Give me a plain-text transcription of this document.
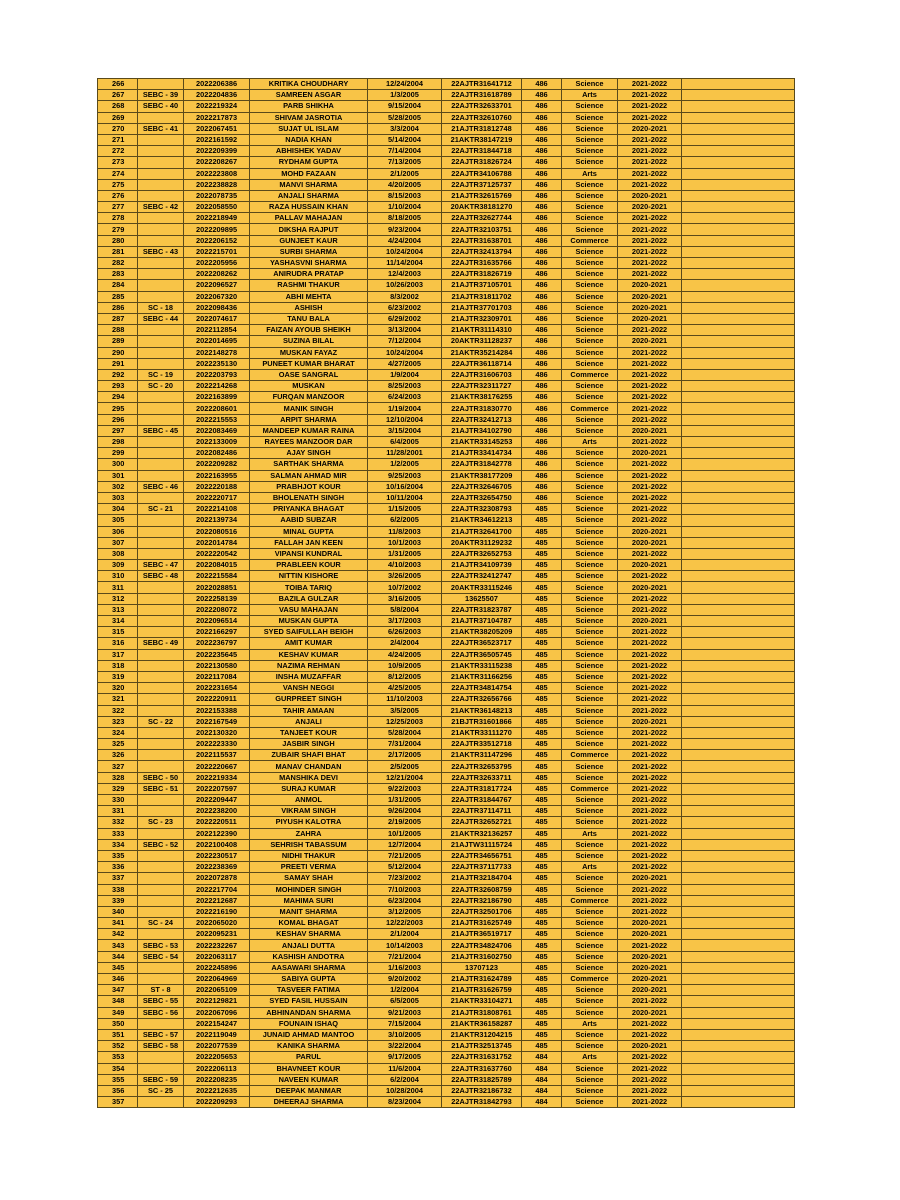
266		2022206386	KRITIKA CHOUDHARY	12/24/2004	22AJTR31641712	486	Science	2021-2022	
267	SEBC - 39	2022204836	SAMREEN ASGAR	1/3/2005	22AJTR31618789	486	Arts	2021-2022	
268	SEBC - 40	2022219324	PARB SHIKHA	9/15/2004	22AJTR32633701	486	Science	2021-2022	
269		2022217873	SHIVAM JASROTIA	5/28/2005	22AJTR32610760	486	Science	2021-2022	
270	SEBC - 41	2022067451	SUJAT UL ISLAM	3/3/2004	21AJTR31812748	486	Science	2020-2021	
271		2022161592	NADIA KHAN	5/14/2004	21AKTR38147219	486	Science	2021-2022	
272		2022209399	ABHISHEK YADAV	7/14/2004	22AJTR31844718	486	Science	2021-2022	
273		2022208267	RYDHAM GUPTA	7/13/2005	22AJTR31826724	486	Science	2021-2022	
274		2022223808	MOHD FAZAAN	2/1/2005	22AJTR34106788	486	Arts	2021-2022	
275		2022238828	MANVI SHARMA	4/20/2005	22AJTR37125737	486	Science	2021-2022	
276		2022078735	ANJALI SHARMA	8/15/2003	21AJTR32615769	486	Science	2020-2021	
277	SEBC - 42	2022058550	RAZA HUSSAIN KHAN	1/10/2004	20AKTR38181270	486	Science	2020-2021	
278		2022218949	PALLAV MAHAJAN	8/18/2005	22AJTR32627744	486	Science	2021-2022	
279		2022209895	DIKSHA RAJPUT	9/23/2004	22AJTR32103751	486	Science	2021-2022	
280		2022206152	GUNJEET KAUR	4/24/2004	22AJTR31638701	486	Commerce	2021-2022	
281	SEBC - 43	2022215701	SURBI SHARMA	10/24/2004	22AJTR32413794	486	Science	2021-2022	
282		2022205956	YASHASVNI SHARMA	11/14/2004	22AJTR31635766	486	Science	2021-2022	
283		2022208262	ANIRUDRA PRATAP	12/4/2003	22AJTR31826719	486	Science	2021-2022	
284		2022096527	RASHMI THAKUR	10/26/2003	21AJTR37105701	486	Science	2020-2021	
285		2022067320	ABHI MEHTA	8/3/2002	21AJTR31811702	486	Science	2020-2021	
286	SC - 18	2022098436	ASHISH	6/23/2002	21AJTR37701703	486	Science	2020-2021	
287	SEBC - 44	2022074617	TANU BALA	6/29/2002	21AJTR32309701	486	Science	2020-2021	
288		2022112854	FAIZAN AYOUB SHEIKH	3/13/2004	21AKTR31114310	486	Science	2021-2022	
289		2022014695	SUZINA BILAL	7/12/2004	20AKTR31128237	486	Science	2020-2021	
290		2022148278	MUSKAN FAYAZ	10/24/2004	21AKTR35214284	486	Science	2021-2022	
291		2022235130	PUNEET KUMAR BHARAT	4/27/2005	22AJTR36118714	486	Science	2021-2022	
292	SC - 19	2022203793	OASE SANGRAL	1/9/2004	22AJTR31606703	486	Commerce	2021-2022	
293	SC - 20	2022214268	MUSKAN	8/25/2003	22AJTR32311727	486	Science	2021-2022	
294		2022163899	FURQAN MANZOOR	6/24/2003	21AKTR38176255	486	Science	2021-2022	
295		2022208601	MANIK SINGH	1/19/2004	22AJTR31830770	486	Commerce	2021-2022	
296		2022215553	ARPIT SHARMA	12/10/2004	22AJTR32412713	486	Science	2021-2022	
297	SEBC - 45	2022083469	MANDEEP KUMAR RAINA	3/15/2004	21AJTR34102790	486	Science	2020-2021	
298		2022133009	RAYEES MANZOOR DAR	6/4/2005	21AKTR33145253	486	Arts	2021-2022	
299		2022082486	AJAY SINGH	11/28/2001	21AJTR33414734	486	Science	2020-2021	
300		2022209282	SARTHAK SHARMA	1/2/2005	22AJTR31842778	486	Science	2021-2022	
301		2022163955	SALMAN AHMAD MIR	9/25/2003	21AKTR38177209	486	Science	2021-2022	
302	SEBC - 46	2022220188	PRABHJOT KOUR	10/16/2004	22AJTR32646705	486	Science	2021-2022	
303		2022220717	BHOLENATH SINGH	10/11/2004	22AJTR32654750	486	Science	2021-2022	
304	SC - 21	2022214108	PRIYANKA BHAGAT	1/15/2005	22AJTR32308793	485	Science	2021-2022	
305		2022139734	AABID SUBZAR	6/2/2005	21AKTR34612213	485	Science	2021-2022	
306		2022080516	MINAL GUPTA	11/8/2003	21AJTR32641700	485	Science	2020-2021	
307		2022014784	FALLAH JAN KEEN	10/1/2003	20AKTR31129232	485	Science	2020-2021	
308		2022220542	VIPANSI KUNDRAL	1/31/2005	22AJTR32652753	485	Science	2021-2022	
309	SEBC - 47	2022084015	PRABLEEN KOUR	4/10/2003	21AJTR34109739	485	Science	2020-2021	
310	SEBC - 48	2022215584	NITTIN KISHORE	3/26/2005	22AJTR32412747	485	Science	2021-2022	
311		2022028851	TOIBA TARIQ	10/7/2002	20AKTR33115246	485	Science	2020-2021	
312		2022258139	BAZILA GULZAR	3/16/2005	13625507	485	Science	2021-2022	
313		2022208072	VASU MAHAJAN	5/8/2004	22AJTR31823787	485	Science	2021-2022	
314		2022096514	MUSKAN GUPTA	3/17/2003	21AJTR37104787	485	Science	2020-2021	
315		2022166297	SYED SAIFULLAH BEIGH	6/26/2003	21AKTR38205209	485	Science	2021-2022	
316	SEBC - 49	2022236797	AMIT KUMAR	2/4/2004	22AJTR36523717	485	Science	2021-2022	
317		2022235645	KESHAV KUMAR	4/24/2005	22AJTR36505745	485	Science	2021-2022	
318		2022130580	NAZIMA REHMAN	10/9/2005	21AKTR33115238	485	Science	2021-2022	
319		2022117084	INSHA MUZAFFAR	8/12/2005	21AKTR31166256	485	Science	2021-2022	
320		2022231654	VANSH NEGGI	4/25/2005	22AJTR34814754	485	Science	2021-2022	
321		2022220911	GURPREET SINGH	11/10/2003	22AJTR32656766	485	Science	2021-2022	
322		2022153388	TAHIR AMAAN	3/5/2005	21AKTR36148213	485	Science	2021-2022	
323	SC - 22	2022167549	ANJALI	12/25/2003	21BJTR31601866	485	Science	2020-2021	
324		2022130320	TANJEET KOUR	5/28/2004	21AKTR33111270	485	Science	2021-2022	
325		2022223330	JASBIR SINGH	7/31/2004	22AJTR33512718	485	Science	2021-2022	
326		2022115537	ZUBAIR SHAFI BHAT	2/17/2005	21AKTR31147296	485	Commerce	2021-2022	
327		2022220667	MANAV CHANDAN	2/5/2005	22AJTR32653795	485	Science	2021-2022	
328	SEBC - 50	2022219334	MANSHIKA DEVI	12/21/2004	22AJTR32633711	485	Science	2021-2022	
329	SEBC - 51	2022207597	SURAJ KUMAR	9/22/2003	22AJTR31817724	485	Commerce	2021-2022	
330		2022209447	ANMOL	1/31/2005	22AJTR31844767	485	Science	2021-2022	
331		2022238200	VIKRAM SINGH	9/26/2004	22AJTR37114711	485	Science	2021-2022	
332	SC - 23	2022220511	PIYUSH KALOTRA	2/19/2005	22AJTR32652721	485	Science	2021-2022	
333		2022122390	ZAHRA	10/1/2005	21AKTR32136257	485	Arts	2021-2022	
334	SEBC - 52	2022100408	SEHRISH TABASSUM	12/7/2004	21AJTW31115724	485	Science	2021-2022	
335		2022230517	NIDHI THAKUR	7/21/2005	22AJTR34656751	485	Science	2021-2022	
336		2022238369	PREETI VERMA	5/12/2004	22AJTR37117733	485	Arts	2021-2022	
337		2022072878	SAMAY SHAH	7/23/2002	21AJTR32184704	485	Science	2020-2021	
338		2022217704	MOHINDER SINGH	7/10/2003	22AJTR32608759	485	Science	2021-2022	
339		2022212687	MAHIMA SURI	6/23/2004	22AJTR32186790	485	Commerce	2021-2022	
340		2022216190	MANIT SHARMA	3/12/2005	22AJTR32501706	485	Science	2021-2022	
341	SC - 24	2022065020	KOMAL BHAGAT	12/22/2003	21AJTR31625749	485	Science	2020-2021	
342		2022095231	KESHAV SHARMA	2/1/2004	21AJTR36519717	485	Science	2020-2021	
343	SEBC - 53	2022232267	ANJALI DUTTA	10/14/2003	22AJTR34824706	485	Science	2021-2022	
344	SEBC - 54	2022063117	KASHISH ANDOTRA	7/21/2004	21AJTR31602750	485	Science	2020-2021	
345		2022245896	AASAWARI SHARMA	1/16/2003	13707123	485	Science	2020-2021	
346		2022064969	SABIYA GUPTA	9/20/2002	21AJTR31624789	485	Commerce	2020-2021	
347	ST - 8	2022065109	TASVEER FATIMA	1/2/2004	21AJTR31626759	485	Science	2020-2021	
348	SEBC - 55	2022129821	SYED FASIL HUSSAIN	6/5/2005	21AKTR33104271	485	Science	2021-2022	
349	SEBC - 56	2022067096	ABHINANDAN SHARMA	9/21/2003	21AJTR31808761	485	Science	2020-2021	
350		2022154247	FOUNAIN ISHAQ	7/15/2004	21AKTR36158287	485	Arts	2021-2022	
351	SEBC - 57	2022119049	JUNAID AHMAD MANTOO	3/10/2005	21AKTR31204215	485	Science	2021-2022	
352	SEBC - 58	2022077539	KANIKA SHARMA	3/22/2004	21AJTR32513745	485	Science	2020-2021	
353		2022205653	PARUL	9/17/2005	22AJTR31631752	484	Arts	2021-2022	
354		2022206113	BHAVNEET KOUR	11/6/2004	22AJTR31637760	484	Science	2021-2022	
355	SEBC - 59	2022208235	NAVEEN KUMAR	6/2/2004	22AJTR31825789	484	Science	2021-2022	
356	SC - 25	2022212635	DEEPAK MANMAR	10/28/2004	22AJTR32186732	484	Science	2021-2022	
357		2022209293	DHEERAJ SHARMA	8/23/2004	22AJTR31842793	484	Science	2021-2022	
